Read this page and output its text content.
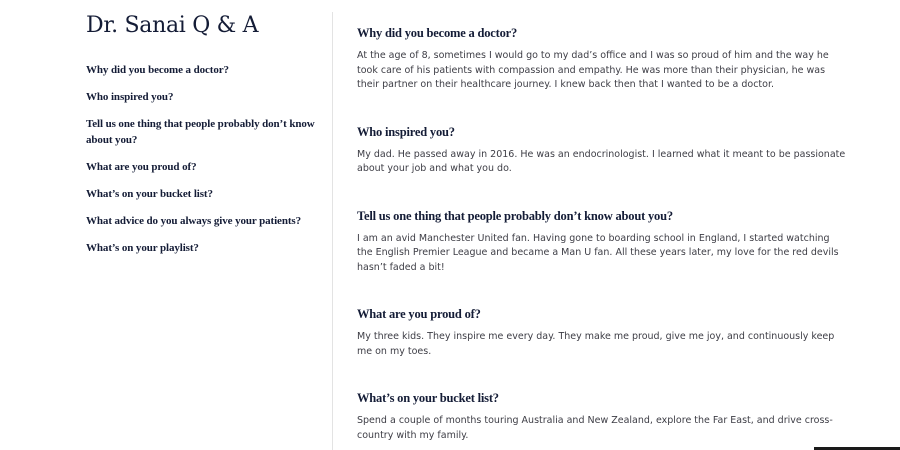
Dr. Sanai Q & A
Why did you become a doctor?
Who inspired you?
Tell us one thing that people probably don’t know about you?
What are you proud of?
What’s on your bucket list?
What advice do you always give your patients?
What’s on your playlist?
Why did you become a doctor?

At the age of 8, sometimes I would go to my dad’s office and I was so proud of him and the way he took care of his patients with compassion and empathy. He was more than their physician, he was their partner on their healthcare journey. I knew back then that I wanted to be a doctor.

Who inspired you?

My dad. He passed away in 2016. He was an endocrinologist. I learned what it meant to be passionate about your job and what you do.

Tell us one thing that people probably don’t know about you?

I am an avid Manchester United fan. Having gone to boarding school in England, I started watching the English Premier League and became a Man U fan. All these years later, my love for the red devils hasn’t faded a bit!

What are you proud of?

My three kids. They inspire me every day. They make me proud, give me joy, and continuously keep me on my toes.

What’s on your bucket list?

Spend a couple of months touring Australia and New Zealand, explore the Far East, and drive cross-country with my family.
